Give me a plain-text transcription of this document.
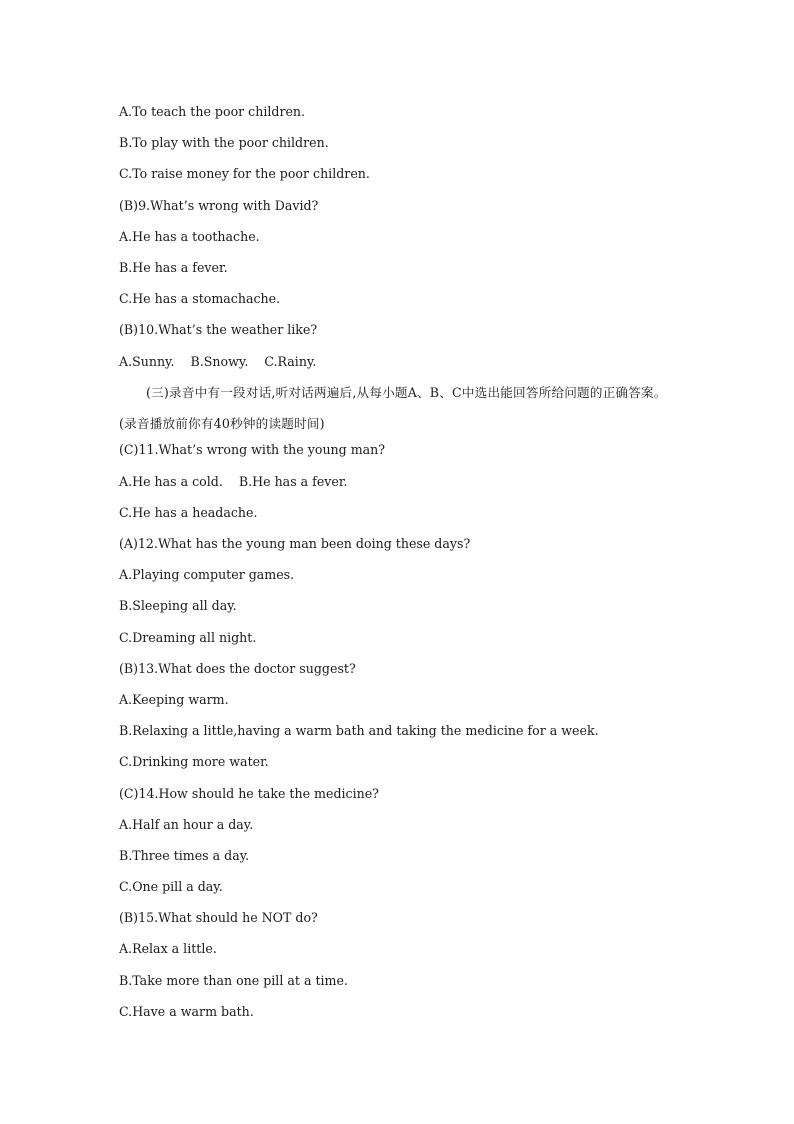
A.To teach the poor children.
B.To play with the poor children.
C.To raise money for the poor children.
(B)9.What’s wrong with David?
A.He has a toothache.
B.He has a fever.
C.He has a stomachache.
(B)10.What’s the weather like?
A.Sunny.    B.Snowy.    C.Rainy.
(三)录音中有一段对话,听对话两遍后,从每小题A、B、C中选出能回答所给问题的正确答案。(录音播放前你有40秒钟的读题时间)
(C)11.What’s wrong with the young man?
A.He has a cold.    B.He has a fever.
C.He has a headache.
(A)12.What has the young man been doing these days?
A.Playing computer games.
B.Sleeping all day.
C.Dreaming all night.
(B)13.What does the doctor suggest?
A.Keeping warm.
B.Relaxing a little,having a warm bath and taking the medicine for a week.
C.Drinking more water.
(C)14.How should he take the medicine?
A.Half an hour a day.
B.Three times a day.
C.One pill a day.
(B)15.What should he NOT do?
A.Relax a little.
B.Take more than one pill at a time.
C.Have a warm bath.
